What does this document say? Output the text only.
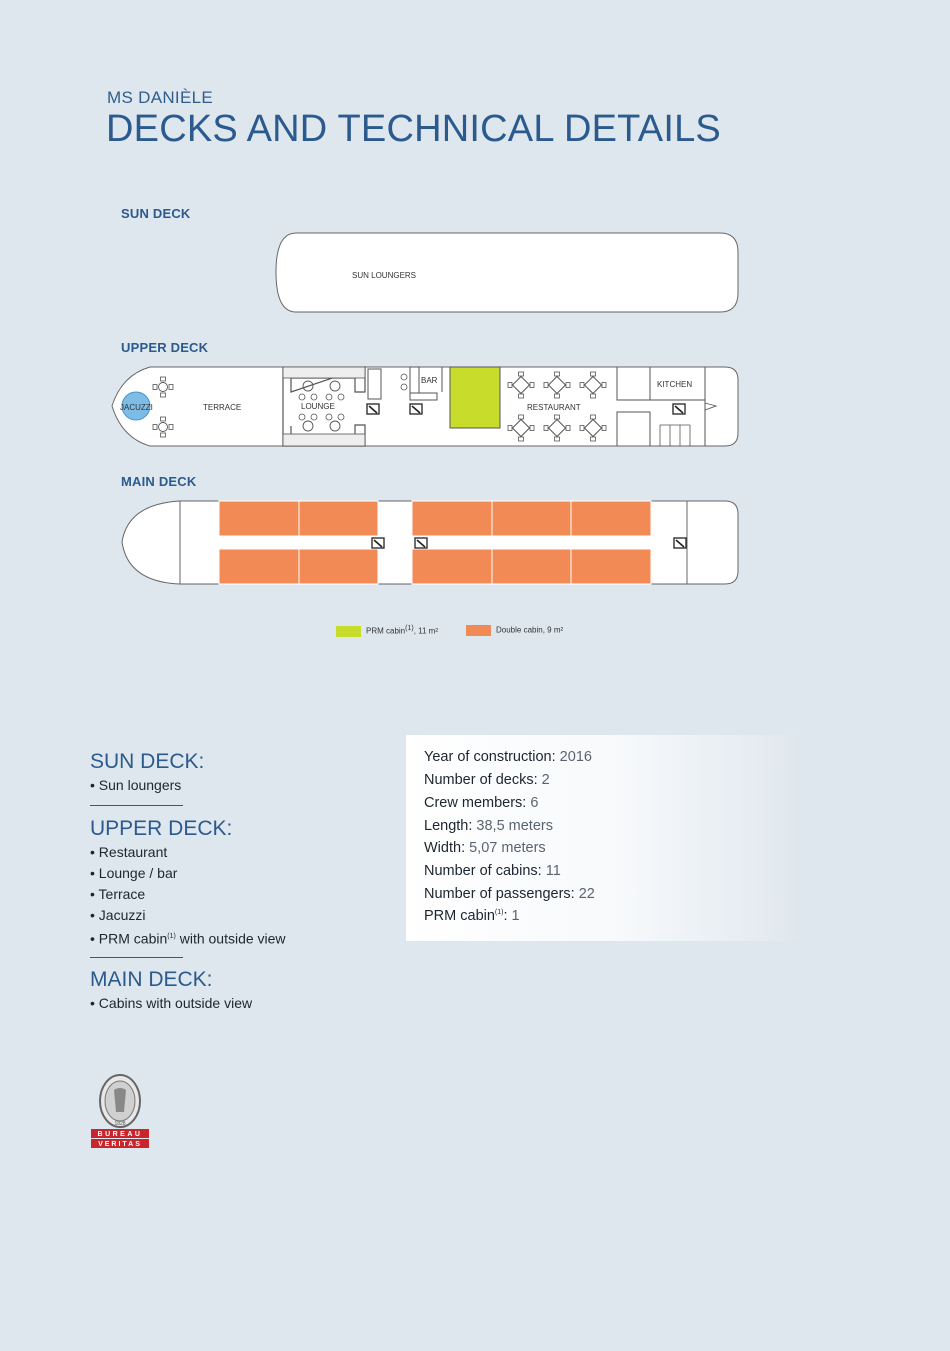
MS DANIÈLE
DECKS AND TECHNICAL DETAILS
SUN DECK
UPPER DECK
MAIN DECK
SUN LOUNGERS
JACUZZI	TERRACE	LOUNGE
BAR
RESTAURANT
KITCHEN
PRM cabin$^{(1)}$, 11 m²	Double cabin, 9 m²
SUN DECK:
• Sun loungers
UPPER DECK:
• Restaurant
• Lounge / bar
• Terrace
• Jacuzzi
• PRM cabin$^{(1)}$ with outside view
MAIN DECK:
• Cabins with outside view
Year of construction: 2016
Number of decks: 2
Crew members: 6
Length: 38,5 meters
Width: 5,07 meters
Number of cabins: 11
Number of passengers: 22
PRM cabin$^{(1)}$: 1
1828
BUREAU
VERITAS
